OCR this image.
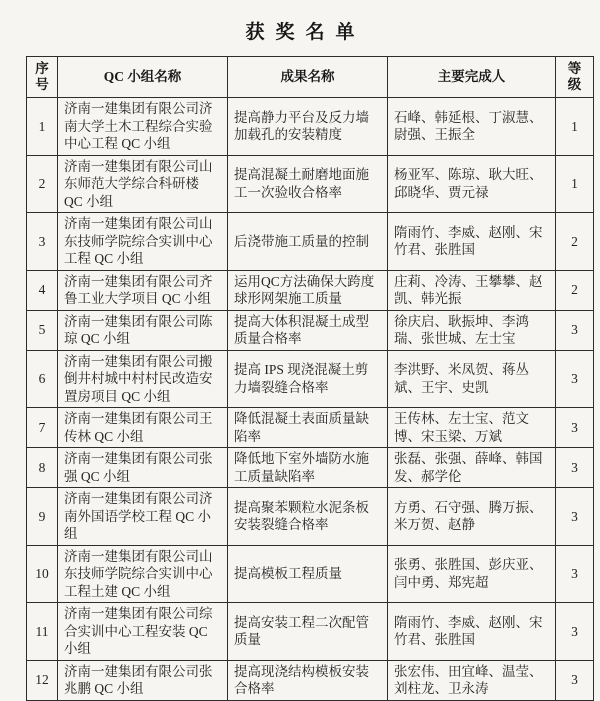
获奖名单
序号	QC 小组名称	成果名称	主要完成人	等级
1	济南一建集团有限公司济南大学土木工程综合实验中心工程 QC 小组	提高静力平台及反力墙加载孔的安装精度	石峰、韩延根、丁淑慧、尉强、王振全	1
2	济南一建集团有限公司山东师范大学综合科研楼 QC 小组	提高混凝土耐磨地面施工一次验收合格率	杨亚军、陈琼、耿大旺、邱晓华、贾元禄	1
3	济南一建集团有限公司山东技师学院综合实训中心工程 QC 小组	后浇带施工质量的控制	隋雨竹、李威、赵刚、宋竹君、张胜国	2
4	济南一建集团有限公司齐鲁工业大学项目 QC 小组	运用QC方法确保大跨度球形网架施工质量	庄莉、冷涛、王攀攀、赵凯、韩光振	2
5	济南一建集团有限公司陈琼 QC 小组	提高大体积混凝土成型质量合格率	徐庆启、耿振坤、李鸿瑞、张世城、左士宝	3
6	济南一建集团有限公司搬倒井村城中村村民改造安置房项目 QC 小组	提高 IPS 现浇混凝土剪力墙裂缝合格率	李洪野、米凤贺、蒋丛斌、王宇、史凯	3
7	济南一建集团有限公司王传林 QC 小组	降低混凝土表面质量缺陷率	王传林、左士宝、范文博、宋玉梁、万斌	3
8	济南一建集团有限公司张强 QC 小组	降低地下室外墙防水施工质量缺陷率	张磊、张强、薛峰、韩国发、郝学伦	3
9	济南一建集团有限公司济南外国语学校工程 QC 小组	提高聚苯颗粒水泥条板安装裂缝合格率	方勇、石守强、腾万振、米万贺、赵静	3
10	济南一建集团有限公司山东技师学院综合实训中心工程土建 QC 小组	提高模板工程质量	张勇、张胜国、彭庆亚、闫中勇、郑宪超	3
11	济南一建集团有限公司综合实训中心工程安装 QC 小组	提高安装工程二次配管质量	隋雨竹、李威、赵刚、宋竹君、张胜国	3
12	济南一建集团有限公司张兆鹏 QC 小组	提高现浇结构模板安装合格率	张宏伟、田宜峰、温莹、刘柱龙、卫永涛	3
